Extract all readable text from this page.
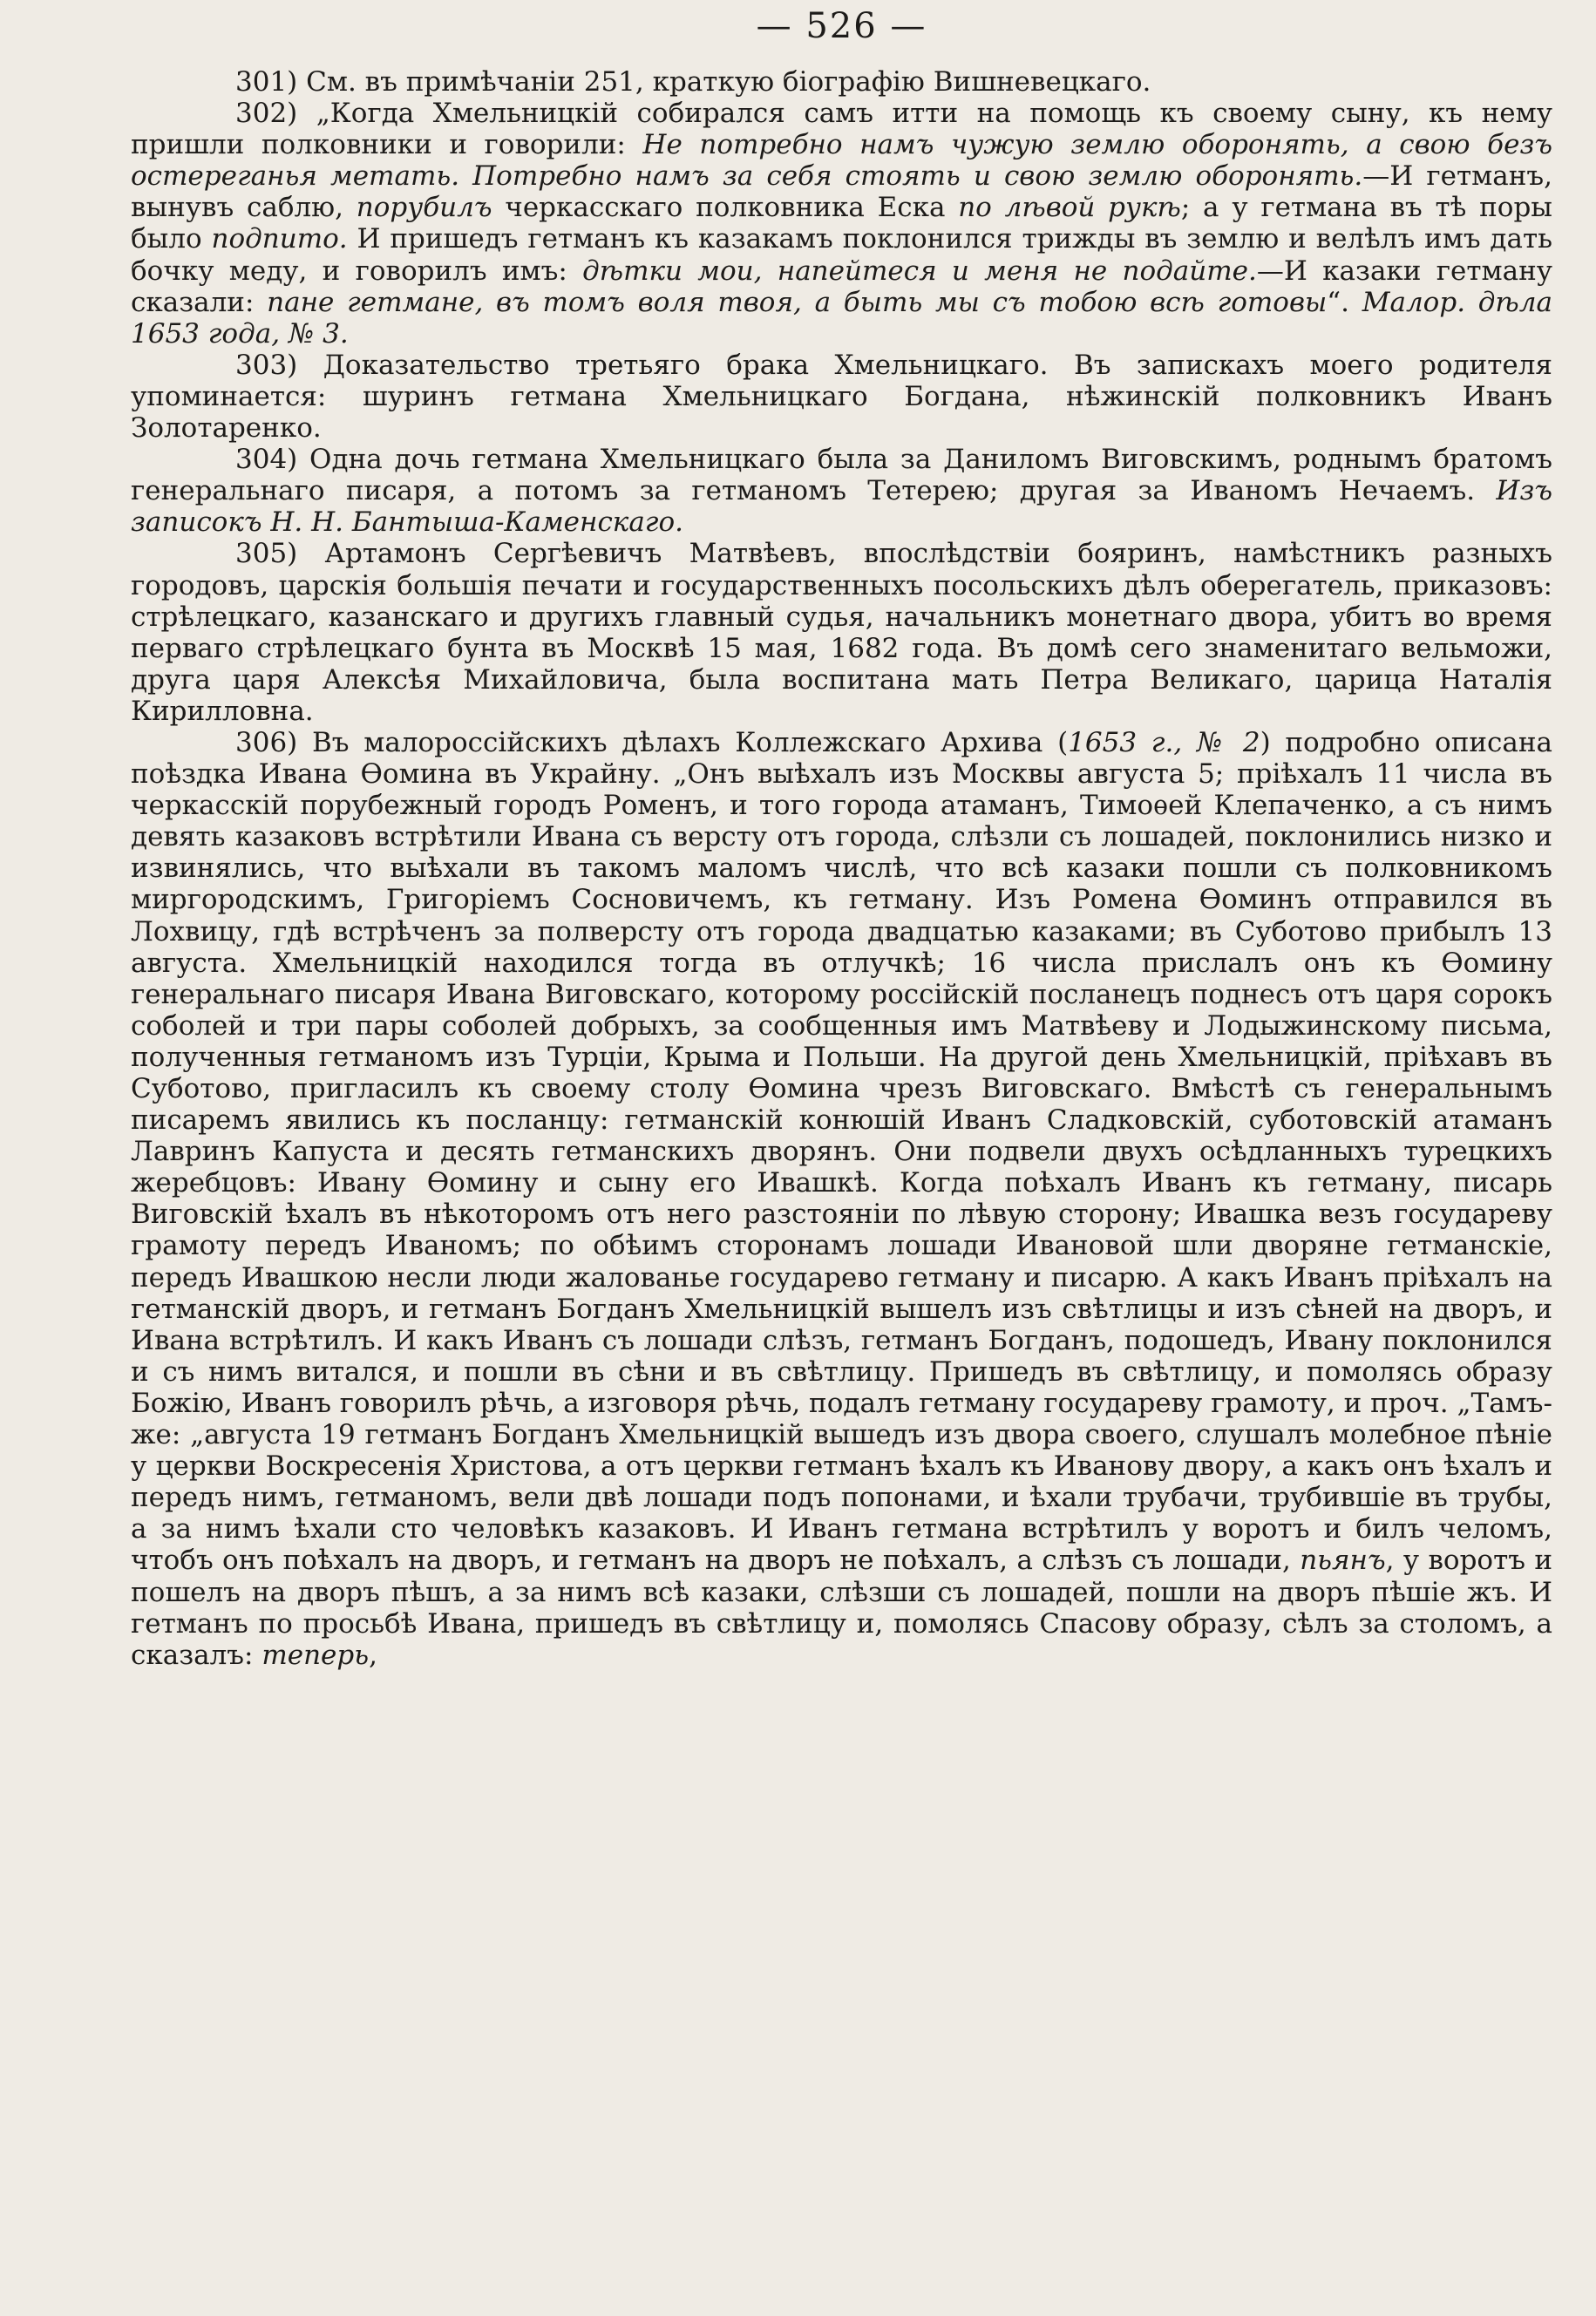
— 526 —

301) См. въ примѣчаніи 251, краткую біографію Вишневецкаго.

302) „Когда Хмельницкій собирался самъ итти на помощь къ своему сыну, къ нему пришли полковники и говорили: Не потребно намъ чужую землю оборонять, а свою безъ остереганья метать. Потребно намъ за себя стоять и свою землю оборонять.—И гетманъ, вынувъ саблю, порубилъ черкасскаго полковника Еска по лѣвой рукѣ; а у гетмана въ тѣ поры было подпито. И пришедъ гетманъ къ казакамъ поклонился трижды въ землю и велѣлъ имъ дать бочку меду, и говорилъ имъ: дѣтки мои, напейтеся и меня не подайте.—И казаки гетману сказали: пане гетмане, въ томъ воля твоя, а быть мы съ тобою всѣ готовы“. Малор. дѣла 1653 года, № 3.

303) Доказательство третьяго брака Хмельницкаго. Въ запискахъ моего родителя упоминается: шуринъ гетмана Хмельницкаго Богдана, нѣжинскій полковникъ Иванъ Золотаренко.

304) Одна дочь гетмана Хмельницкаго была за Даниломъ Виговскимъ, роднымъ братомъ генеральнаго писаря, а потомъ за гетманомъ Тетерею; другая за Иваномъ Нечаемъ. Изъ записокъ Н. Н. Бантыша-Каменскаго.

305) Артамонъ Сергѣевичъ Матвѣевъ, впослѣдствіи бояринъ, намѣстникъ разныхъ городовъ, царскія большія печати и государственныхъ посольскихъ дѣлъ оберегатель, приказовъ: стрѣлецкаго, казанскаго и другихъ главный судья, начальникъ монетнаго двора, убитъ во время перваго стрѣлецкаго бунта въ Москвѣ 15 мая, 1682 года. Въ домѣ сего знаменитаго вельможи, друга царя Алексѣя Михайловича, была воспитана мать Петра Великаго, царица Наталія Кирилловна.

306) Въ малороссійскихъ дѣлахъ Коллежскаго Архива (1653 г., № 2) подробно описана поѣздка Ивана Ѳомина въ Украйну. „Онъ выѣхалъ изъ Москвы августа 5; пріѣхалъ 11 числа въ черкасскій порубежный городъ Роменъ, и того города атаманъ, Тимоѳей Клепаченко, а съ нимъ девять казаковъ встрѣтили Ивана съ версту отъ города, слѣзли съ лошадей, поклонились низко и извинялись, что выѣхали въ такомъ маломъ числѣ, что всѣ казаки пошли съ полковникомъ миргородскимъ, Григоріемъ Сосновичемъ, къ гетману. Изъ Ромена Ѳоминъ отправился въ Лохвицу, гдѣ встрѣченъ за полверсту отъ города двадцатью казаками; въ Суботово прибылъ 13 августа. Хмельницкій находился тогда въ отлучкѣ; 16 числа прислалъ онъ къ Ѳомину генеральнаго писаря Ивана Виговскаго, которому россійскій посланецъ поднесъ отъ царя сорокъ соболей и три пары соболей добрыхъ, за сообщенныя имъ Матвѣеву и Лодыжинскому письма, полученныя гетманомъ изъ Турціи, Крыма и Польши. На другой день Хмельницкій, пріѣхавъ въ Суботово, пригласилъ къ своему столу Ѳомина чрезъ Виговскаго. Вмѣстѣ съ генеральнымъ писаремъ явились къ посланцу: гетманскій конюшій Иванъ Сладковскій, суботовскій атаманъ Лавринъ Капуста и десять гетманскихъ дворянъ. Они подвели двухъ осѣдланныхъ турецкихъ жеребцовъ: Ивану Ѳомину и сыну его Ивашкѣ. Когда поѣхалъ Иванъ къ гетману, писарь Виговскій ѣхалъ въ нѣкоторомъ отъ него разстояніи по лѣвую сторону; Ивашка везъ государеву грамоту передъ Иваномъ; по обѣимъ сторонамъ лошади Ивановой шли дворяне гетманскіе, передъ Ивашкою несли люди жалованье государево гетману и писарю. А какъ Иванъ пріѣхалъ на гетманскій дворъ, и гетманъ Богданъ Хмельницкій вышелъ изъ свѣтлицы и изъ сѣней на дворъ, и Ивана встрѣтилъ. И какъ Иванъ съ лошади слѣзъ, гетманъ Богданъ, подошедъ, Ивану поклонился и съ нимъ витался, и пошли въ сѣни и въ свѣтлицу. Пришедъ въ свѣтлицу, и помолясь образу Божію, Иванъ говорилъ рѣчь, а изговоря рѣчь, подалъ гетману государеву грамоту, и проч. „Тамъ-же: „августа 19 гетманъ Богданъ Хмельницкій вышедъ изъ двора своего, слушалъ молебное пѣніе у церкви Воскресенія Христова, а отъ церкви гетманъ ѣхалъ къ Иванову двору, а какъ онъ ѣхалъ и передъ нимъ, гетманомъ, вели двѣ лошади подъ попонами, и ѣхали трубачи, трубившіе въ трубы, а за нимъ ѣхали сто человѣкъ казаковъ. И Иванъ гетмана встрѣтилъ у воротъ и билъ челомъ, чтобъ онъ поѣхалъ на дворъ, и гетманъ на дворъ не поѣхалъ, а слѣзъ съ лошади, пьянъ, у воротъ и пошелъ на дворъ пѣшъ, а за нимъ всѣ казаки, слѣзши съ лошадей, пошли на дворъ пѣшіе жъ. И гетманъ по просьбѣ Ивана, пришедъ въ свѣтлицу и, помолясь Спасову образу, сѣлъ за столомъ, а сказалъ: теперь,
